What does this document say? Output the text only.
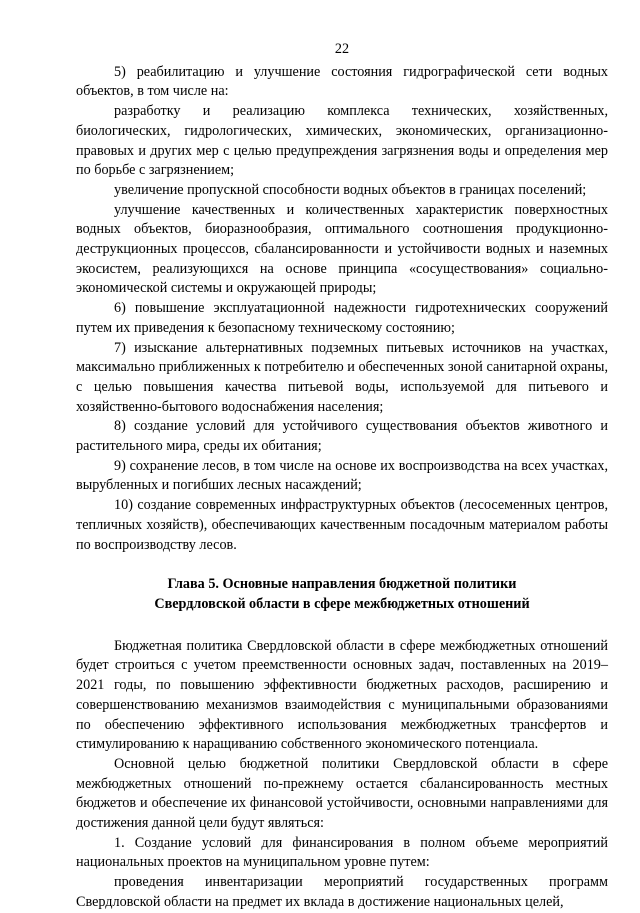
22

5) реабилитацию и улучшение состояния гидрографической сети водных объектов, в том числе на:

разработку и реализацию комплекса технических, хозяйственных, биологических, гидрологических, химических, экономических, организационно-правовых и других мер с целью предупреждения загрязнения воды и определения мер по борьбе с загрязнением;

увеличение пропускной способности водных объектов в границах поселений;

улучшение качественных и количественных характеристик поверхностных водных объектов, биоразнообразия, оптимального соотношения продукционно-деструкционных процессов, сбалансированности и устойчивости водных и наземных экосистем, реализующихся на основе принципа «сосуществования» социально-экономической системы и окружающей природы;

6) повышение эксплуатационной надежности гидротехнических сооружений путем их приведения к безопасному техническому состоянию;

7) изыскание альтернативных подземных питьевых источников на участках, максимально приближенных к потребителю и обеспеченных зоной санитарной охраны, с целью повышения качества питьевой воды, используемой для питьевого и хозяйственно-бытового водоснабжения населения;

8) создание условий для устойчивого существования объектов животного и растительного мира, среды их обитания;

9) сохранение лесов, в том числе на основе их воспроизводства на всех участках, вырубленных и погибших лесных насаждений;

10) создание современных инфраструктурных объектов (лесосеменных центров, тепличных хозяйств), обеспечивающих качественным посадочным материалом работы по воспроизводству лесов.

Глава 5. Основные направления бюджетной политики

Свердловской области в сфере межбюджетных отношений

Бюджетная политика Свердловской области в сфере межбюджетных отношений будет строиться с учетом преемственности основных задач, поставленных на 2019–2021 годы, по повышению эффективности бюджетных расходов, расширению и совершенствованию механизмов взаимодействия с муниципальными образованиями по обеспечению эффективного использования межбюджетных трансфертов и стимулированию к наращиванию собственного экономического потенциала.

Основной целью бюджетной политики Свердловской области в сфере межбюджетных отношений по-прежнему остается сбалансированность местных бюджетов и обеспечение их финансовой устойчивости, основными направлениями для достижения данной цели будут являться:

1. Создание условий для финансирования в полном объеме мероприятий национальных проектов на муниципальном уровне путем:

проведения инвентаризации мероприятий государственных программ Свердловской области на предмет их вклада в достижение национальных целей,
